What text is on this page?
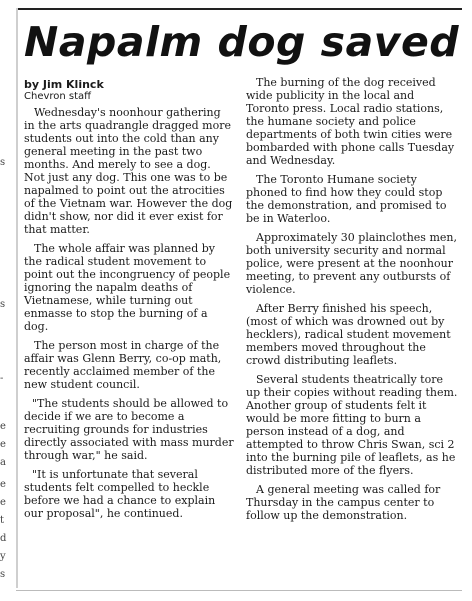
Napalm dog saved
by Jim Klinck
Chevron staff

Wednesday's noonhour gathering in the arts quadrangle dragged more students out into the cold than any general meeting in the past two months. And merely to see a dog. Not just any dog. This one was to be napalmed to point out the atrocities of the Vietnam war. However the dog didn't show, nor did it ever exist for that matter.

The whole affair was planned by the radical student movement to point out the incongruency of people ignoring the napalm deaths of Vietnamese, while turning out enmasse to stop the burning of a dog.

The person most in charge of the affair was Glenn Berry, co-op math, recently acclaimed member of the new student council.

"The students should be allowed to decide if we are to become a recruiting grounds for industries directly associated with mass murder through war," he said.

"It is unfortunate that several students felt compelled to heckle before we had a chance to explain our proposal", he continued.

The burning of the dog received wide publicity in the local and Toronto press. Local radio stations, the humane society and police departments of both twin cities were bombarded with phone calls Tuesday and Wednesday.

The Toronto Humane society phoned to find how they could stop the demonstration, and promised to be in Waterloo.

Approximately 30 plainclothes men, both university security and normal police, were present at the noonhour meeting, to prevent any outbursts of violence.

After Berry finished his speech, (most of which was drowned out by hecklers), radical student movement members moved throughout the crowd distributing leaflets.

Several students theatrically tore up their copies without reading them. Another group of students felt it would be more fitting to burn a person instead of a dog, and attempted to throw Chris Swan, sci 2 into the burning pile of leaflets, as he distributed more of the flyers.

A general meeting was called for Thursday in the campus center to follow up the demonstration.

s
s
-
e
e
a
e
e
t
d
y
s
